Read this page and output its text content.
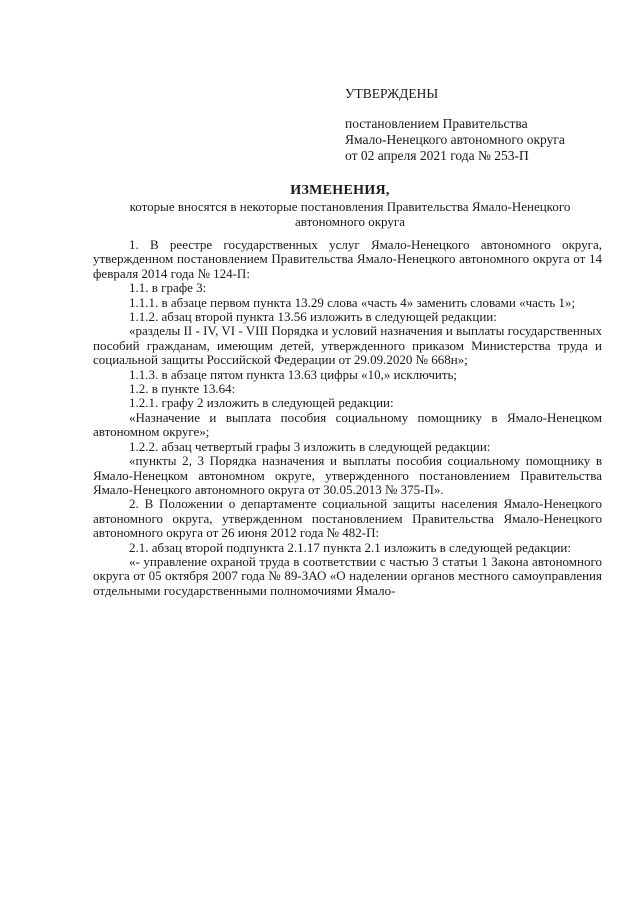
УТВЕРЖДЕНЫ
постановлением Правительства
Ямало-Ненецкого автономного округа
от 02 апреля 2021 года № 253-П
ИЗМЕНЕНИЯ,
которые вносятся в некоторые постановления Правительства Ямало-Ненецкого автономного округа

1. В реестре государственных услуг Ямало-Ненецкого автономного округа, утвержденном постановлением Правительства Ямало-Ненецкого автономного округа от 14 февраля 2014 года № 124-П:

1.1. в графе 3:

1.1.1. в абзаце первом пункта 13.29 слова «часть 4» заменить словами «часть 1»;

1.1.2. абзац второй пункта 13.56 изложить в следующей редакции:

«разделы II - IV, VI - VIII Порядка и условий назначения и выплаты государственных пособий гражданам, имеющим детей, утвержденного приказом Министерства труда и социальной защиты Российской Федерации от 29.09.2020 № 668н»;

1.1.3. в абзаце пятом пункта 13.63 цифры «10,» исключить;

1.2. в пункте 13.64:

1.2.1. графу 2 изложить в следующей редакции:

«Назначение и выплата пособия социальному помощнику в Ямало-Ненецком автономном округе»;

1.2.2. абзац четвертый графы 3 изложить в следующей редакции:

«пункты 2, 3 Порядка назначения и выплаты пособия социальному помощнику в Ямало-Ненецком автономном округе, утвержденного постановлением Правительства Ямало-Ненецкого автономного округа от 30.05.2013 № 375-П».

2. В Положении о департаменте социальной защиты населения Ямало-Ненецкого автономного округа, утвержденном постановлением Правительства Ямало-Ненецкого автономного округа от 26 июня 2012 года № 482-П:

2.1. абзац второй подпункта 2.1.17 пункта 2.1 изложить в следующей редакции:

«- управление охраной труда в соответствии с частью 3 статьи 1 Закона автономного округа от 05 октября 2007 года № 89-ЗАО «О наделении органов местного самоуправления отдельными государственными полномочиями Ямало-
